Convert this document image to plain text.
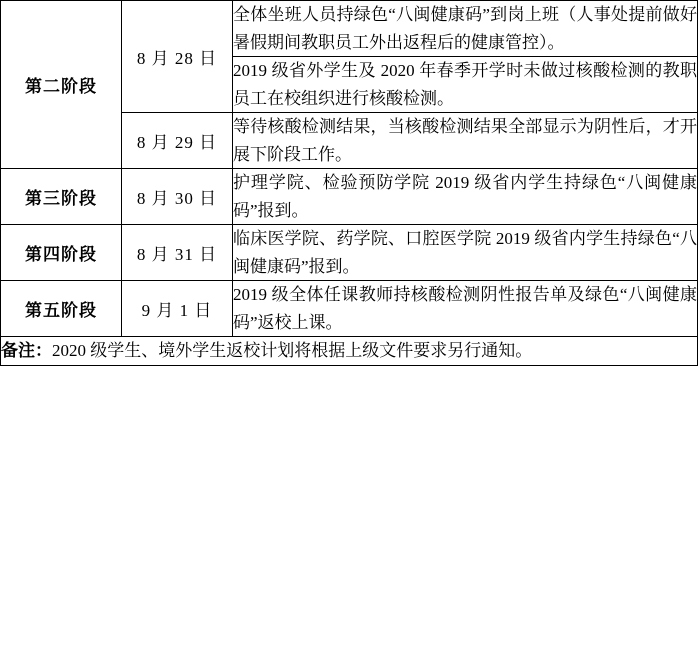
第二阶段	8 月 28 日	全体坐班人员持绿色“八闽健康码”到岗上班（人事处提前做好暑假期间教职员工外出返程后的健康管控）。

		2019 级省外学生及 2020 年春季开学时未做过核酸检测的教职员工在校组织进行核酸检测。

	8 月 29 日	等待核酸检测结果，当核酸检测结果全部显示为阴性后，才开展下阶段工作。

第三阶段	8 月 30 日	护理学院、检验预防学院 2019 级省内学生持绿色“八闽健康码”报到。

第四阶段	8 月 31 日	临床医学院、药学院、口腔医学院 2019 级省内学生持绿色“八闽健康码”报到。

第五阶段	9 月 1 日	2019 级全体任课教师持核酸检测阴性报告单及绿色“八闽健康码”返校上课。

备注：2020 级学生、境外学生返校计划将根据上级文件要求另行通知。		
